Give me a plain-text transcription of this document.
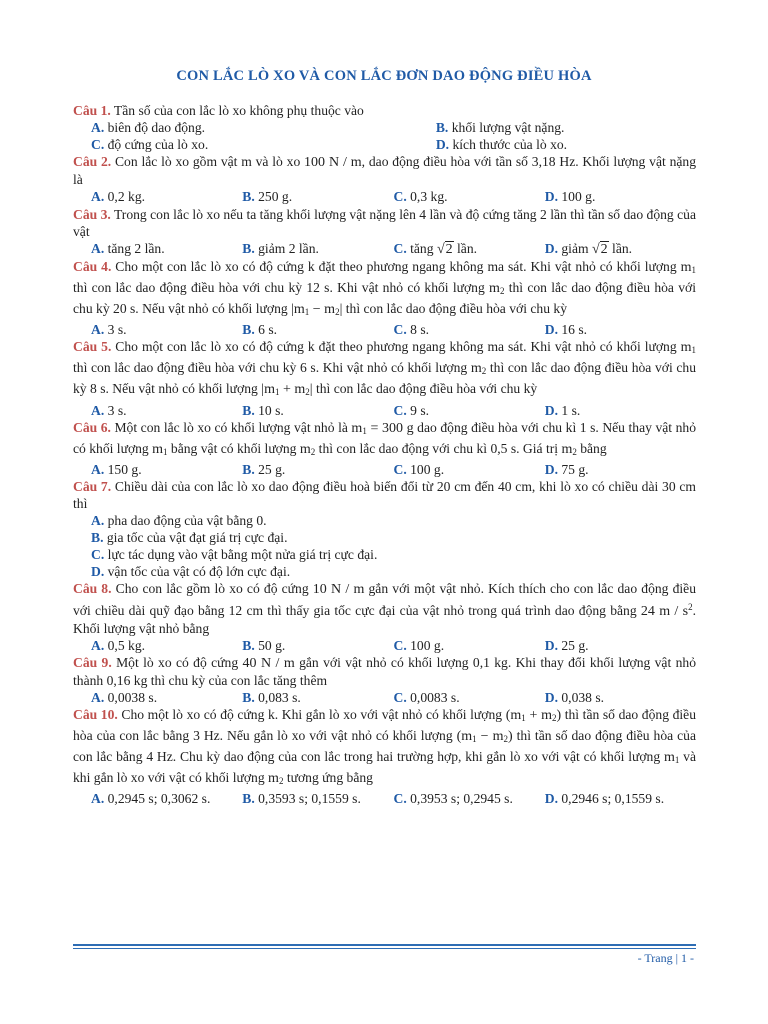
CON LẮC LÒ XO VÀ CON LẮC ĐƠN DAO ĐỘNG ĐIỀU HÒA

Câu 1. Tần số của con lắc lò xo không phụ thuộc vào

A. biên độ dao động.	B. khối lượng vật nặng.
C. độ cứng của lò xo.	D. kích thước của lò xo.

Câu 2. Con lắc lò xo gồm vật m và lò xo 100 N / m, dao động điều hòa với tần số 3,18 Hz. Khối lượng vật nặng là

A. 0,2 kg.	B. 250 g.	C. 0,3 kg.	D. 100 g.

Câu 3. Trong con lắc lò xo nếu ta tăng khối lượng vật nặng lên 4 lần và độ cứng tăng 2 lần thì tần số dao động của vật

A. tăng 2 lần.	B. giảm 2 lần.	C. tăng √2 lần.	D. giảm √2 lần.

Câu 4. Cho một con lắc lò xo có độ cứng k đặt theo phương ngang không ma sát. Khi vật nhỏ có khối lượng $m_1$ thì con lắc dao động điều hòa với chu kỳ 12 s. Khi vật nhỏ có khối lượng $m_2$ thì con lắc dao động điều hòa với chu kỳ 20 s. Nếu vật nhỏ có khối lượng $|m_1 - m_2|$ thì con lắc dao động điều hòa với chu kỳ

A. 3 s.	B. 6 s.	C. 8 s.	D. 16 s.

Câu 5. Cho một con lắc lò xo có độ cứng k đặt theo phương ngang không ma sát. Khi vật nhỏ có khối lượng $m_1$ thì con lắc dao động điều hòa với chu kỳ 6 s. Khi vật nhỏ có khối lượng $m_2$ thì con lắc dao động điều hòa với chu kỳ 8 s. Nếu vật nhỏ có khối lượng $|m_1 + m_2|$ thì con lắc dao động điều hòa với chu kỳ

A. 3 s.	B. 10 s.	C. 9 s.	D. 1 s.

Câu 6. Một con lắc lò xo có khối lượng vật nhỏ là $m_1 = 300$ g dao động điều hòa với chu kì 1 s. Nếu thay vật nhỏ có khối lượng $m_1$ bằng vật có khối lượng $m_2$ thì con lắc dao động với chu kì 0,5 s. Giá trị $m_2$ bằng

A. 150 g.	B. 25 g.	C. 100 g.	D. 75 g.

Câu 7. Chiều dài của con lắc lò xo dao động điều hoà biến đổi từ 20 cm đến 40 cm, khi lò xo có chiều dài 30 cm thì

A. pha dao động của vật bằng 0.
B. gia tốc của vật đạt giá trị cực đại.
C. lực tác dụng vào vật bằng một nửa giá trị cực đại.
D. vận tốc của vật có độ lớn cực đại.

Câu 8. Cho con lắc gồm lò xo có độ cứng 10 N / m gắn với một vật nhỏ. Kích thích cho con lắc dao động điều với chiều dài quỹ đạo bằng 12 cm thì thấy gia tốc cực đại của vật nhỏ trong quá trình dao động bằng 24 m / $s^2$. Khối lượng vật nhỏ bằng

A. 0,5 kg.	B. 50 g.	C. 100 g.	D. 25 g.

Câu 9. Một lò xo có độ cứng 40 N / m gắn với vật nhỏ có khối lượng 0,1 kg. Khi thay đổi khối lượng vật nhỏ thành 0,16 kg thì chu kỳ của con lắc tăng thêm

A. 0,0038 s.	B. 0,083 s.	C. 0,0083 s.	D. 0,038 s.

Câu 10. Cho một lò xo có độ cứng k. Khi gắn lò xo với vật nhỏ có khối lượng $(m_1 + m_2)$ thì tần số dao động điều hòa của con lắc bằng 3 Hz. Nếu gắn lò xo với vật nhỏ có khối lượng $(m_1 - m_2)$ thì tần số dao động điều hòa của con lắc bằng 4 Hz. Chu kỳ dao động của con lắc trong hai trường hợp, khi gắn lò xo với vật có khối lượng $m_1$ và khi gắn lò xo với vật có khối lượng $m_2$ tương ứng bằng

A. 0,2945 s; 0,3062 s.	B. 0,3593 s; 0,1559 s.	C. 0,3953 s; 0,2945 s.	D. 0,2946 s; 0,1559 s.
- Trang | 1 -
